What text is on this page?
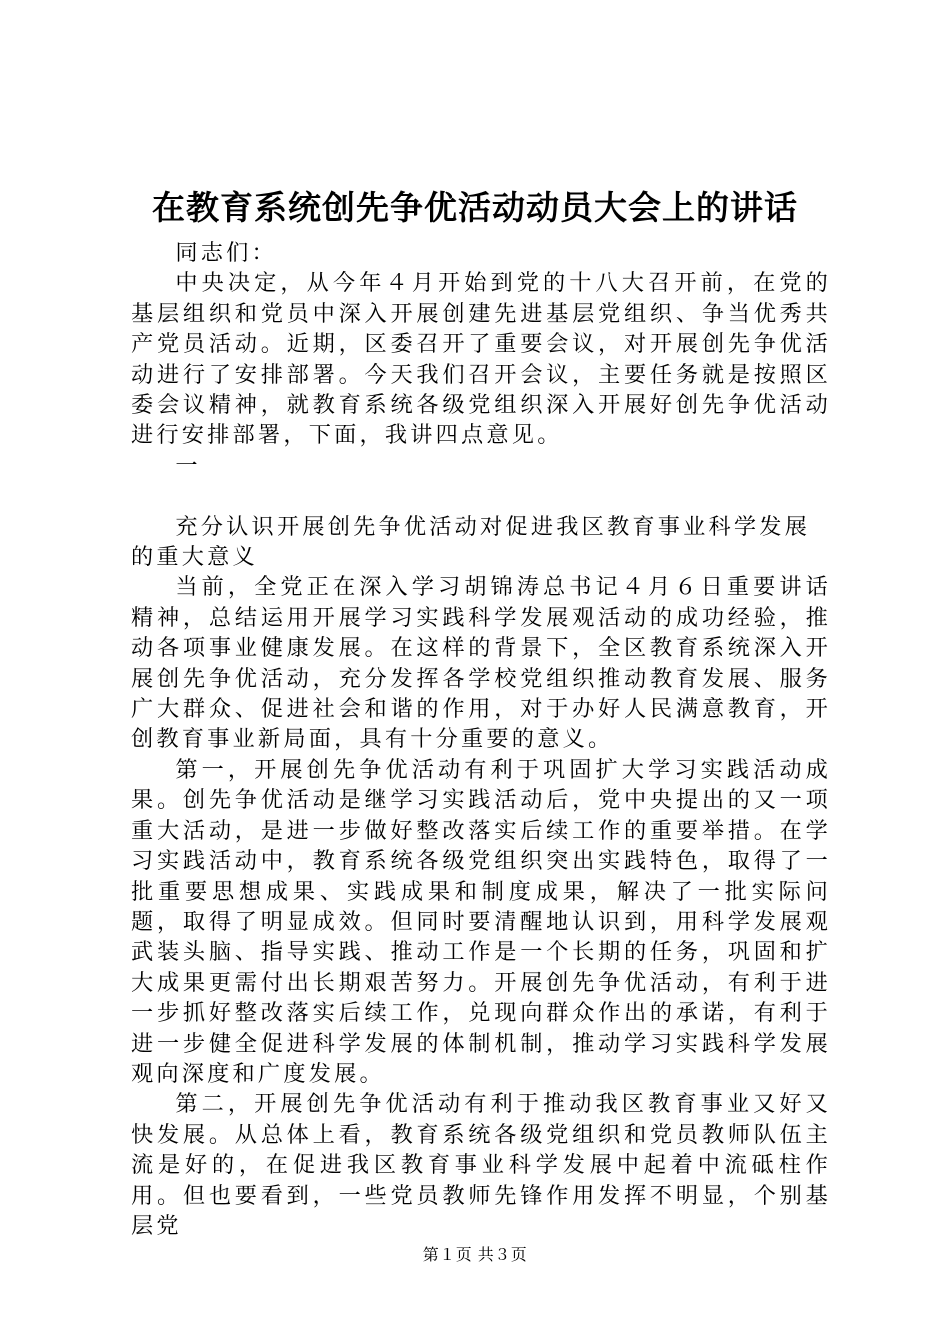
在教育系统创先争优活动动员大会上的讲话

同志们：

中央决定，从今年４月开始到党的十八大召开前，在党的基层组织和党员中深入开展创建先进基层党组织、争当优秀共产党员活动。近期，区委召开了重要会议，对开展创先争优活动进行了安排部署。今天我们召开会议，主要任务就是按照区委会议精神，就教育系统各级党组织深入开展好创先争优活动进行安排部署，下面，我讲四点意见。

一

充分认识开展创先争优活动对促进我区教育事业科学发展的重大意义

当前，全党正在深入学习胡锦涛总书记４月６日重要讲话精神，总结运用开展学习实践科学发展观活动的成功经验，推动各项事业健康发展。在这样的背景下，全区教育系统深入开展创先争优活动，充分发挥各学校党组织推动教育发展、服务广大群众、促进社会和谐的作用，对于办好人民满意教育，开创教育事业新局面，具有十分重要的意义。

第一，开展创先争优活动有利于巩固扩大学习实践活动成果。创先争优活动是继学习实践活动后，党中央提出的又一项重大活动，是进一步做好整改落实后续工作的重要举措。在学习实践活动中，教育系统各级党组织突出实践特色，取得了一批重要思想成果、实践成果和制度成果，解决了一批实际问题，取得了明显成效。但同时要清醒地认识到，用科学发展观武装头脑、指导实践、推动工作是一个长期的任务，巩固和扩大成果更需付出长期艰苦努力。开展创先争优活动，有利于进一步抓好整改落实后续工作，兑现向群众作出的承诺，有利于进一步健全促进科学发展的体制机制，推动学习实践科学发展观向深度和广度发展。

第二，开展创先争优活动有利于推动我区教育事业又好又快发展。从总体上看，教育系统各级党组织和党员教师队伍主流是好的，在促进我区教育事业科学发展中起着中流砥柱作用。但也要看到，一些党员教师先锋作用发挥不明显，个别基层党

第１页 共３页
